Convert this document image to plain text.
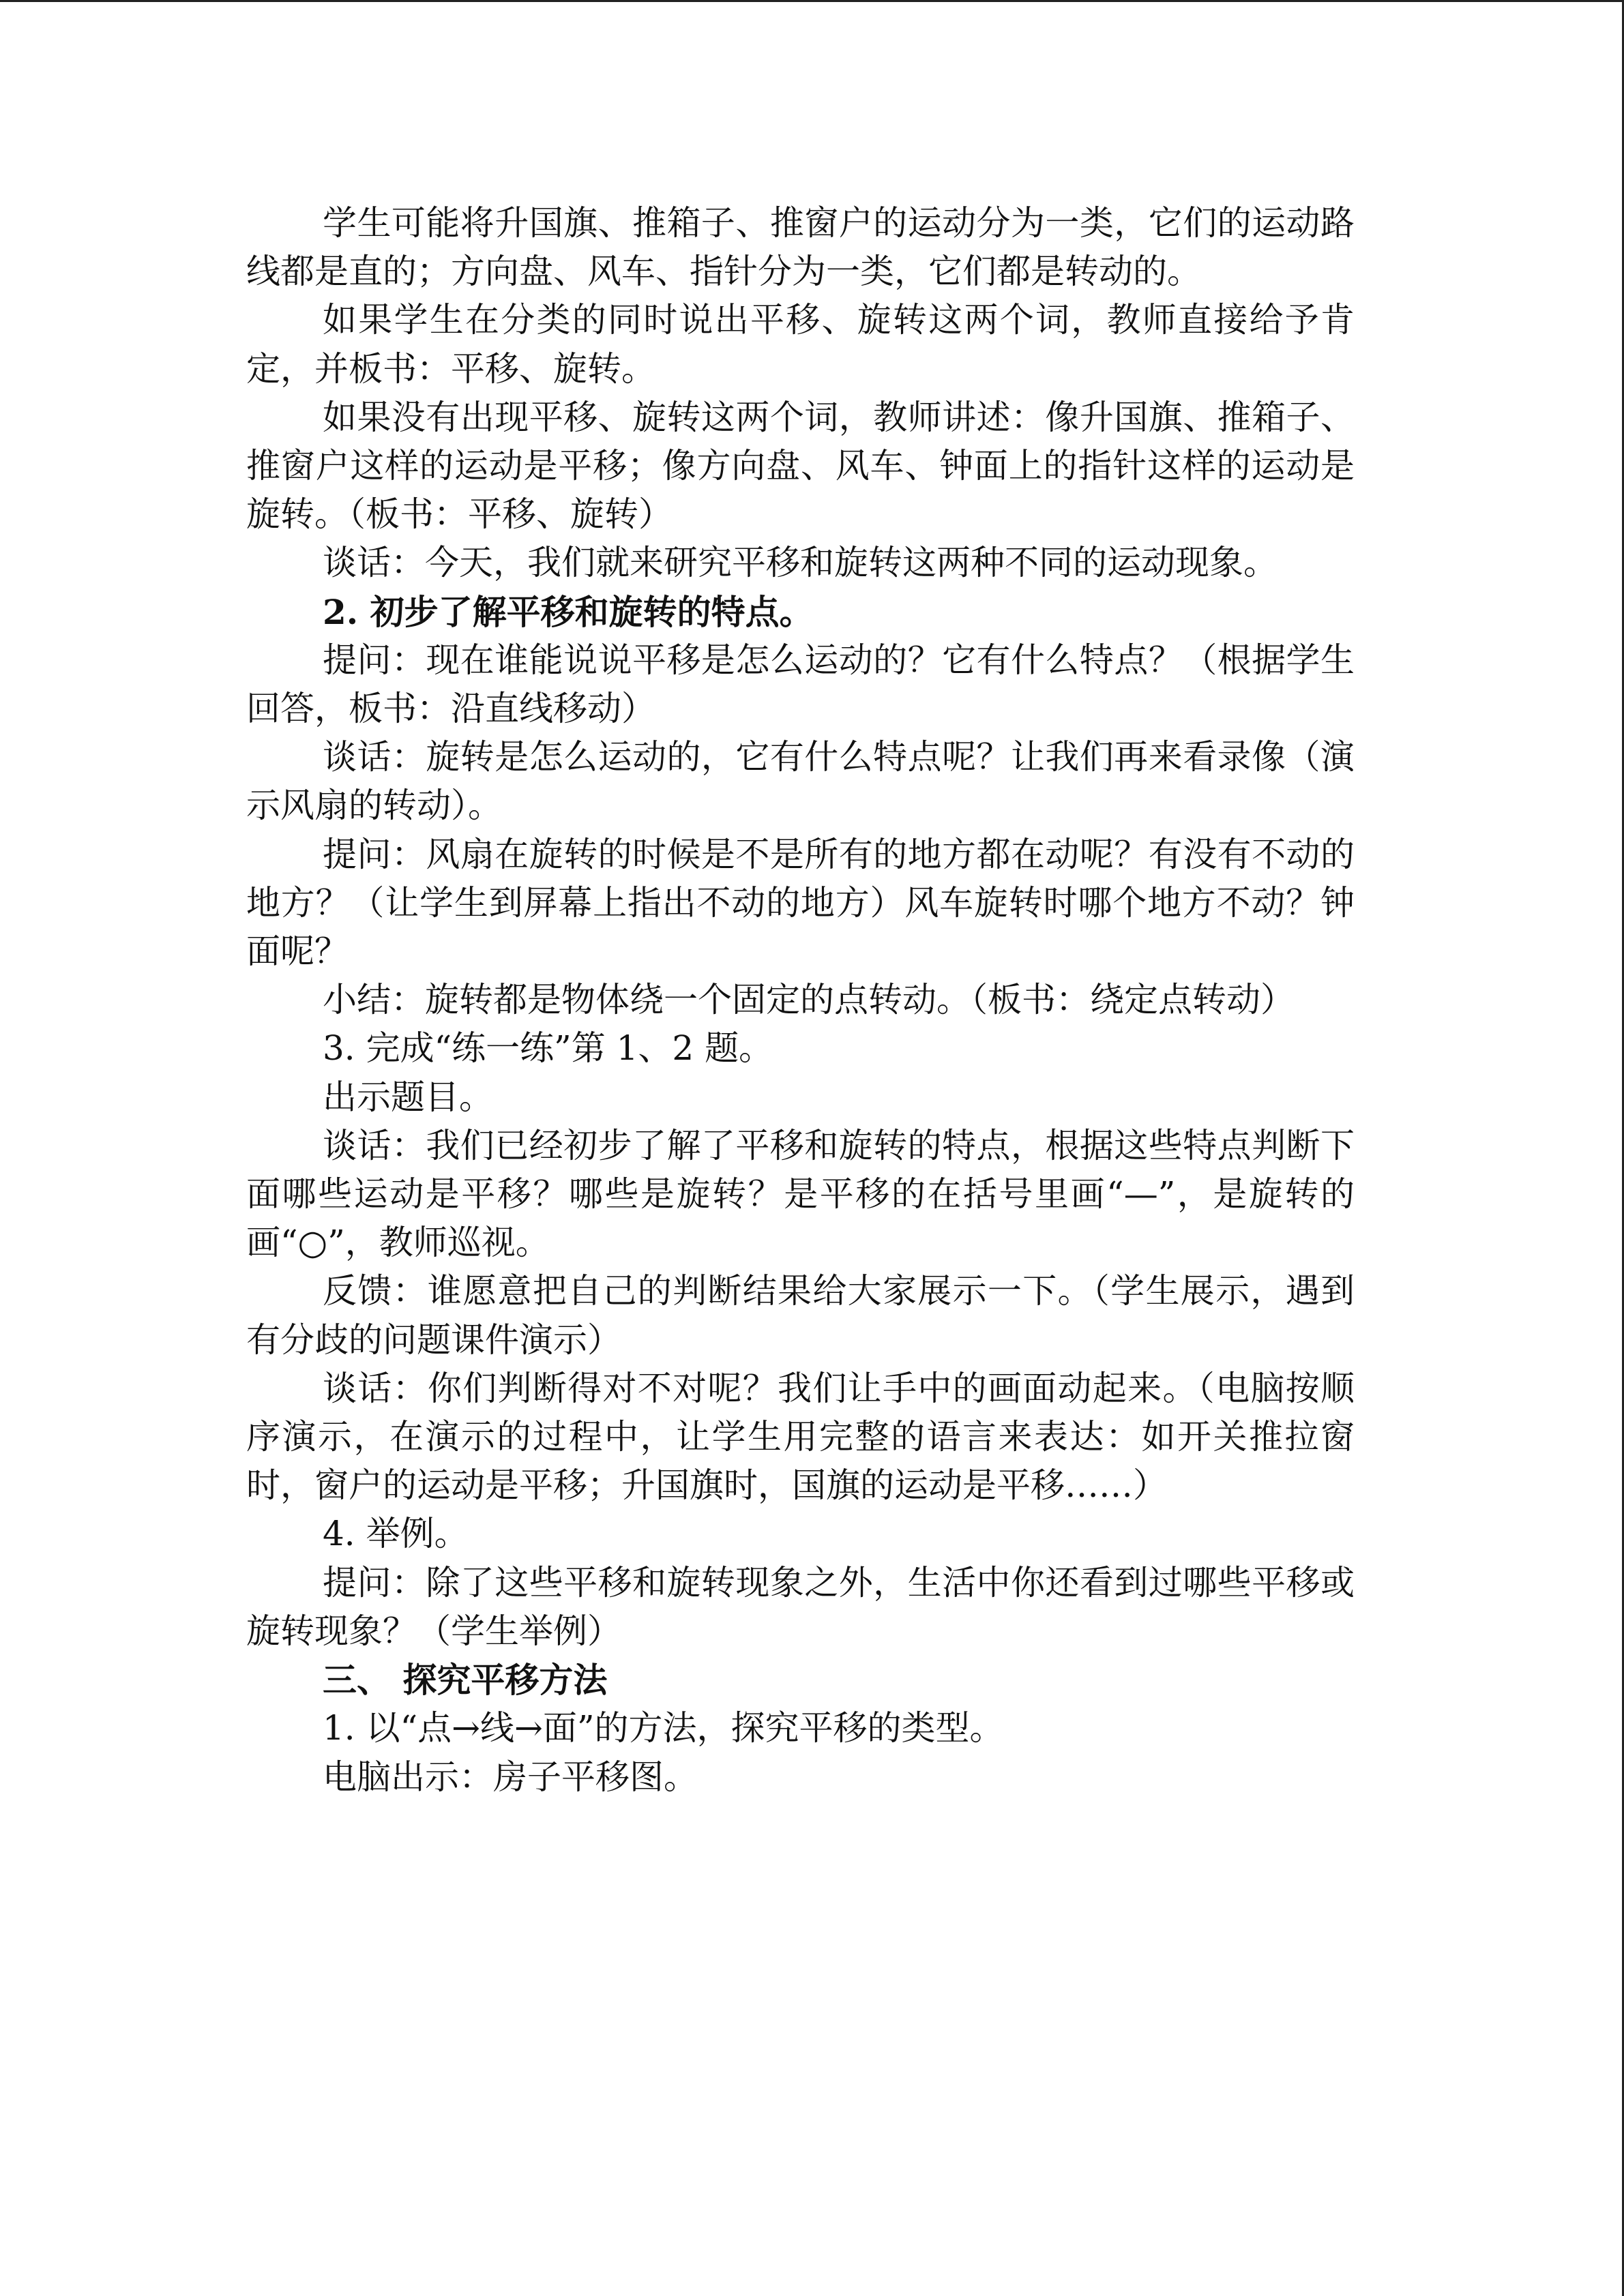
学生可能将升国旗、推箱子、推窗户的运动分为一类，它们的运动路线都是直的；方向盘、风车、指针分为一类，它们都是转动的。

如果学生在分类的同时说出平移、旋转这两个词，教师直接给予肯定，并板书：平移、旋转。

如果没有出现平移、旋转这两个词，教师讲述：像升国旗、推箱子、推窗户这样的运动是平移；像方向盘、风车、钟面上的指针这样的运动是旋转。（板书：平移、旋转）

谈话：今天，我们就来研究平移和旋转这两种不同的运动现象。

2. 初步了解平移和旋转的特点。

提问：现在谁能说说平移是怎么运动的？它有什么特点？（根据学生回答，板书：沿直线移动）

谈话：旋转是怎么运动的，它有什么特点呢？让我们再来看录像（演示风扇的转动）。

提问：风扇在旋转的时候是不是所有的地方都在动呢？有没有不动的地方？（让学生到屏幕上指出不动的地方）风车旋转时哪个地方不动？钟面呢？

小结：旋转都是物体绕一个固定的点转动。（板书：绕定点转动）

3. 完成“练一练”第 1、2 题。

出示题目。

谈话：我们已经初步了解了平移和旋转的特点，根据这些特点判断下面哪些运动是平移？哪些是旋转？是平移的在括号里画“—”，是旋转的画“○”，教师巡视。

反馈：谁愿意把自己的判断结果给大家展示一下。（学生展示，遇到有分歧的问题课件演示）

谈话：你们判断得对不对呢？我们让手中的画面动起来。（电脑按顺序演示，在演示的过程中，让学生用完整的语言来表达：如开关推拉窗时，窗户的运动是平移；升国旗时，国旗的运动是平移……）

4. 举例。

提问：除了这些平移和旋转现象之外，生活中你还看到过哪些平移或旋转现象？（学生举例）

三、 探究平移方法

1. 以“点→线→面”的方法，探究平移的类型。

电脑出示：房子平移图。
